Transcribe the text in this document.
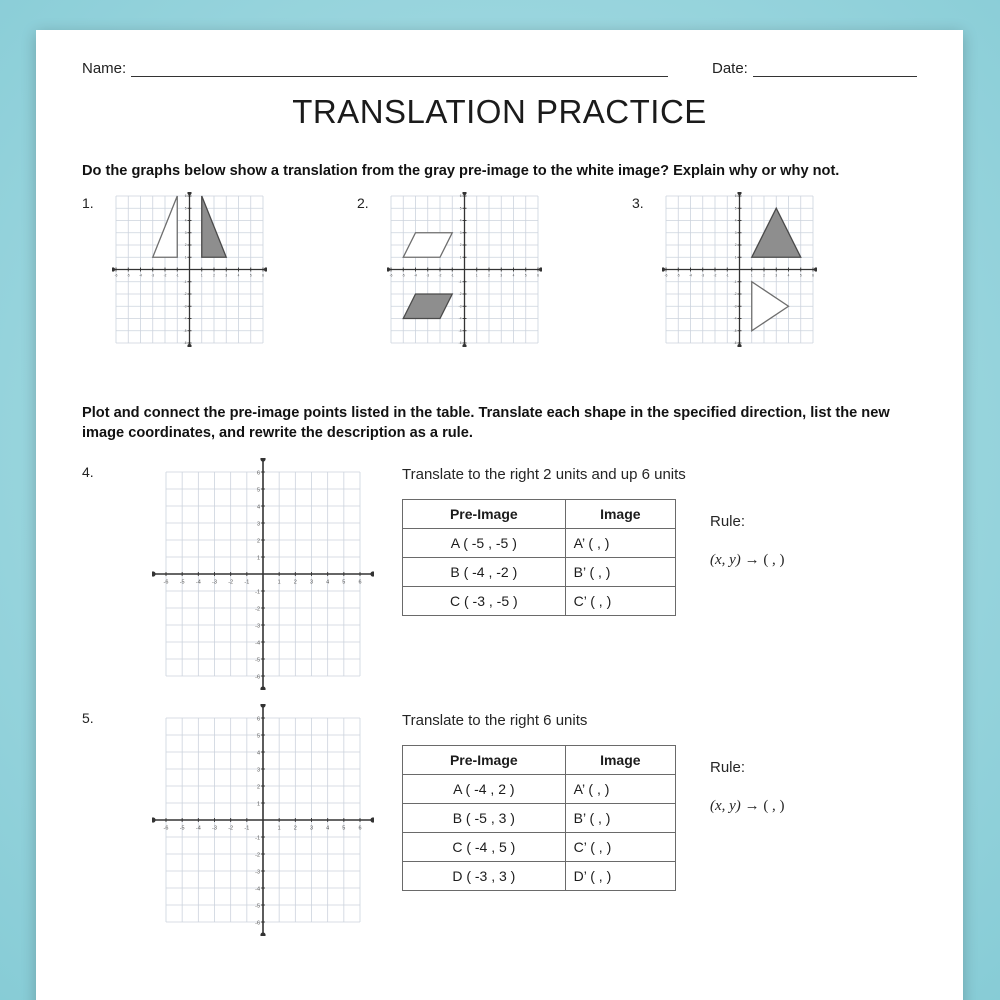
Name:	Date:
TRANSLATION PRACTICE
Do the graphs below show a translation from the gray pre-image to the white image? Explain why or why not.
1.
-6	-5	-4	-3	-2	-1	1	2	3	4	5	6
-6
-5
-4
-3
-2
-1
1
2
3
4
5
6	2.
-6	-5	-4	-3	-2	-1	1	2	3	4	5	6
-6
-5
-4
-3
-2
-1
1
2
3
4
5
6	3.
-6	-5	-4	-3	-2	-1	1	2	3	4	5	6
-6
-5
-4
-3
-2
-1
1
2
3
4
5
6
Plot and connect the pre-image points listed in the table. Translate each shape in the specified direction, list the new image coordinates, and rewrite the description as a rule.
4.
-6 -5 -4 -3 -2 -1	1 2 3 4 5 6
-6
-5
-4
-3
-2
-1
1
2
3
4
5
6	Translate to the right 2 units and up 6 units
Pre-Image	Image
A ( -5 , -5 )	A’ ( , )
B ( -4 , -2 )	B’ ( , )
C ( -3 , -5 )	C’ ( , )
Rule:
(x, y) → ( , )
5.
-6 -5 -4 -3 -2 -1	1 2 3 4 5 6
-6
-5
-4
-3
-2
-1
1
2
3
4
5
6	Translate to the right 6 units
Pre-Image	Image
A ( -4 , 2 )	A’ ( , )
B ( -5 , 3 )	B’ ( , )
C ( -4 , 5 )	C’ ( , )
D ( -3 , 3 )	D’ ( , )
Rule:
(x, y) → ( , )
